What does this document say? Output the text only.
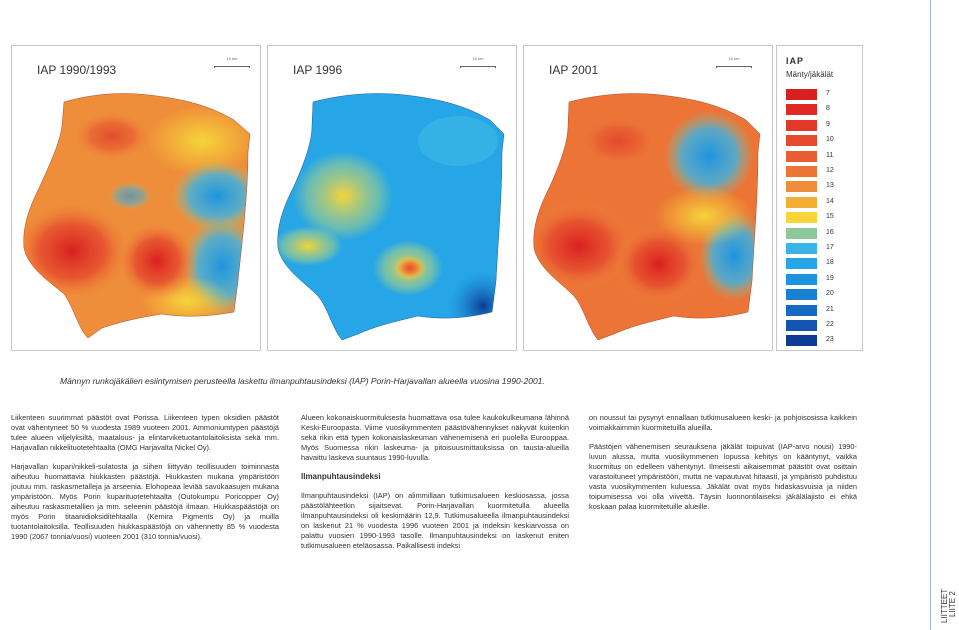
LIITTEET LIITE 2
IAP 1990/1993
10 km
IAP 1996
10 km
IAP 2001
10 km	IAP
Mänty/jäkälät
7
8
9
10
11
12
13
14
15
16
17
18
19
20
21
22
23
Männyn runkojäkälien esiintymisen perusteella laskettu ilmanpuhtausindeksi (IAP) Porin-Harjavallan alueella vuosina 1990-2001.

Liikenteen suurimmat päästöt ovat Porissa. Liikenteen typen oksidien päästöt ovat vähentyneet 50 % vuodesta 1989 vuoteen 2001. Ammoniumtypen päästöjä tulee alueen viljelyksiltä, maatalous- ja elintarviketuotantolaitoksista sekä mm. Harjavallan nikkelituotetehtaalta (OMG Harjavalta Nickel Oy).

Harjavallan kupari/nikkeli-sulatosta ja siihen liittyvän teollisuuden toiminnasta aiheutuu huomattavia hiukkasten päästöjä. Hiukkasten mukana ympäristöön joutuu mm. raskasmetalleja ja arseenia. Elohopeaa leviää savukaasujen mukana ympäristöön. Myös Porin kuparituotetehtaalta (Outokumpu Poricopper Oy) aiheutuu raskasmetallien ja mm. seleenin päästöjä ilmaan. Hiukkaspäästöjä on myös Porin titaanidioksiditehtaalla (Kemira Pigments Oy) ja muilla tuotantolaitoksilla. Teollisuuden hiukkaspäästöjä on vähennetty 85 % vuodesta 1990 (2067 tonnia/vuosi) vuoteen 2001 (310 tonnia/vuosi).

Alueen kokonaiskuormituksesta huomattava osa tulee kaukokulkeumana lähinnä Keski-Euroopasta. Viime vuosikymmenten päästövähennykset näkyvät kuitenkin sekä rikin että typen kokonaislaskeuman vähenemisenä eri puolella Eurooppaa. Myös Suomessa rikin laskeuma- ja pitoisuusmittauksissa on tausta-alueilla havaittu laskeva suuntaus 1990-luvulla.

Ilmanpuhtausindeksi

Ilmanpuhtausindeksi (IAP) on alimmillaan tutkimusalueen keskiosassa, jossa päästölähteetkin sijaitsevat. Porin-Harjavallan kuormitetulla alueella ilmanpuhtausindeksi oli keskimäärin 12,9. Tutkimusalueella ilmanpuhtausindeksi on laskenut 21 % vuodesta 1996 vuoteen 2001 ja indeksin keskiarvossa on palattu vuosien 1990-1993 tasolle. Ilmanpuhtausindeksi on laskenut eniten tutkimusalueen eteläosassa. Paikallisesti indeksi

on noussut tai pysynyt ennallaan tutkimusalueen keski- ja pohjoisosissa kaikkein voimakkaimmin kuormitetuilla alueilla.

Päästöjen vähenemisen seurauksena jäkälät toipuivat (IAP-arvo nousi) 1990-luvun alussa, mutta vuosikymmenen lopussa kehitys on kääntynyt, vaikka kuormitus on edelleen vähentynyt. Ilmeisesti aikaisemmat päästöt ovat osittain varastoituneet ympäristöön, mutta ne vapautuvat hitaasti, ja ympäristö puhdistuu vasta vuosikymmenten kuluessa. Jäkälät ovat myös hidaskasvuisia ja niiden toipumisessa voi olla viivettä. Täysin luonnontilaiseksi jäkälälajisto ei ehkä koskaan palaa kuormitetuille alueille.
